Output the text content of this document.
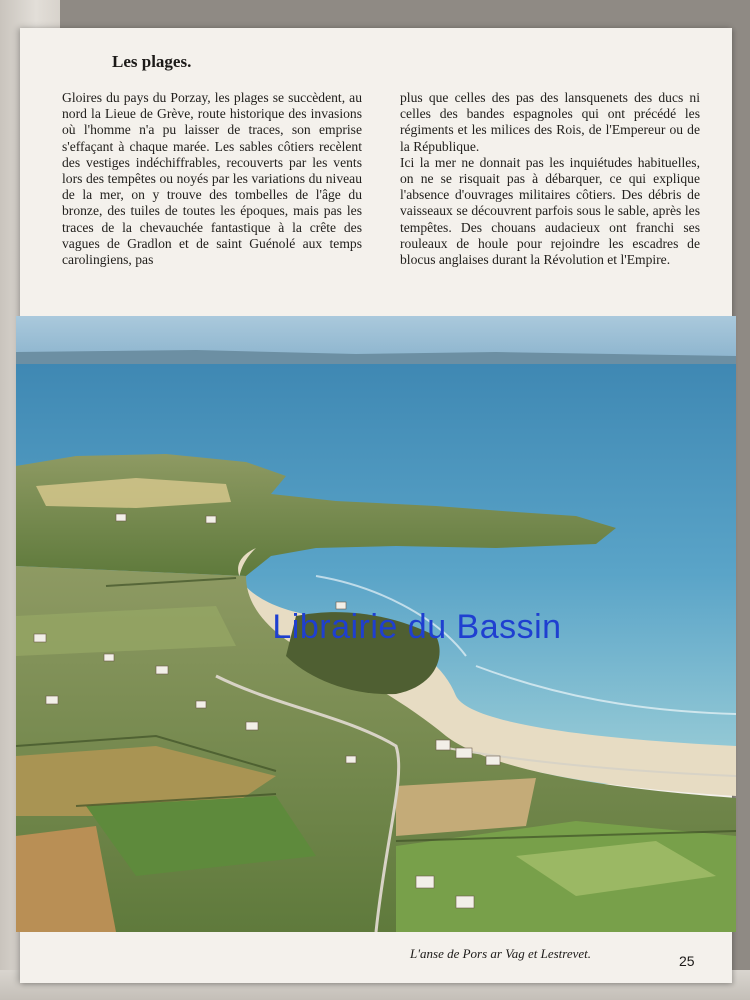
Les plages.

Gloires du pays du Porzay, les plages se succèdent, au nord la Lieue de Grève, route historique des invasions où l'homme n'a pu laisser de traces, son emprise s'effaçant à chaque marée. Les sables côtiers recèlent des vestiges indéchiffrables, recouverts par les vents lors des tempêtes ou noyés par les variations du niveau de la mer, on y trouve des tombelles de l'âge du bronze, des tuiles de toutes les époques, mais pas les traces de la chevauchée fantastique à la crête des vagues de Gradlon et de saint Guénolé aux temps carolingiens, pas

plus que celles des pas des lansquenets des ducs ni celles des bandes espagnoles qui ont précédé les régiments et les milices des Rois, de l'Empereur ou de la République.

Ici la mer ne donnait pas les inquiétudes habituelles, on ne se risquait pas à débarquer, ce qui explique l'absence d'ouvrages militaires côtiers. Des débris de vaisseaux se découvrent parfois sous le sable, après les tempêtes. Des chouans audacieux ont franchi ses rouleaux de houle pour rejoindre les escadres de blocus anglaises durant la Révolution et l'Empire.

Librairie du Bassin

L'anse de Pors ar Vag et Lestrevet.	25
